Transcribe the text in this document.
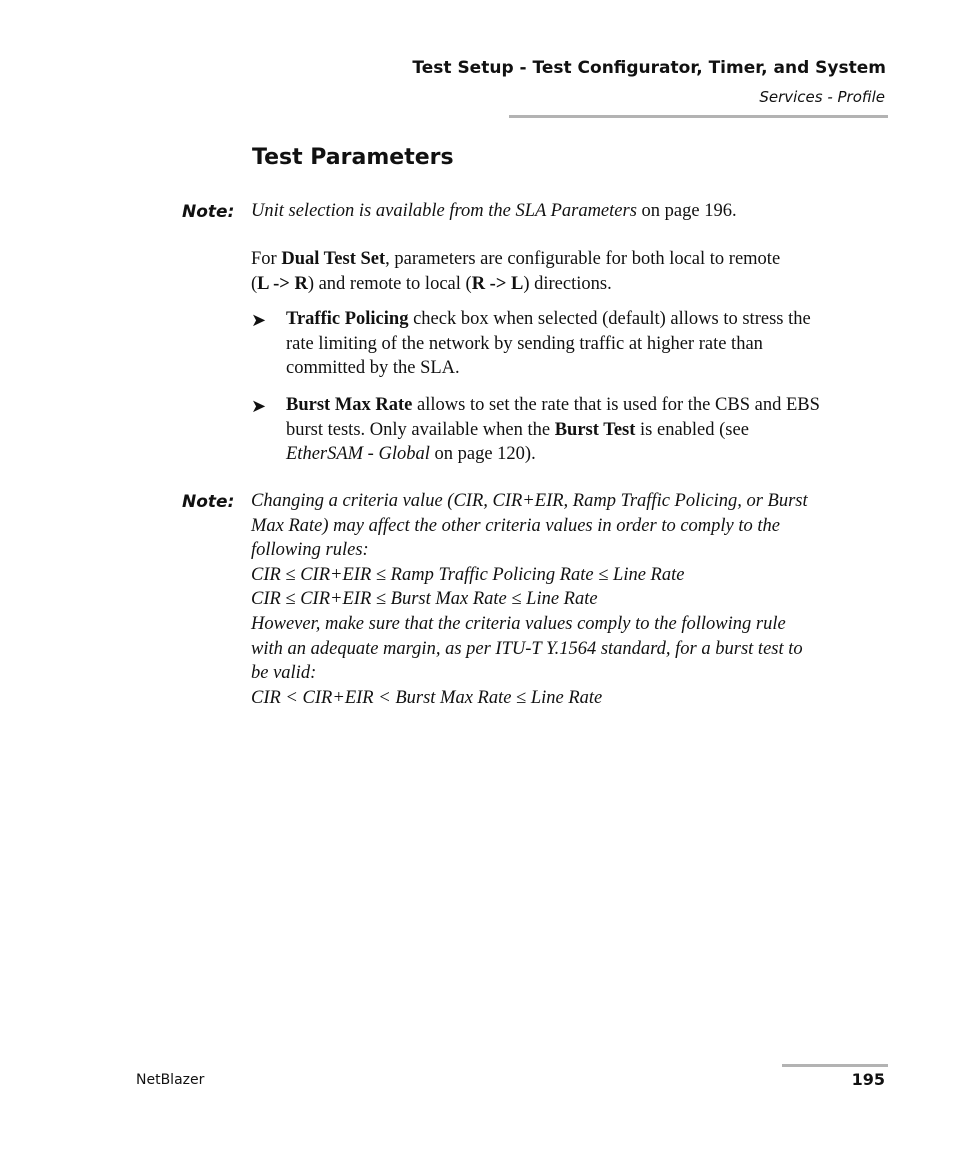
Test Setup - Test Configurator, Timer, and System
Services - Profile
Test Parameters
Note: Unit selection is available from the SLA Parameters on page 196.
For Dual Test Set, parameters are configurable for both local to remote
(L -> R) and remote to local (R -> L) directions.
➤ Traffic Policing check box when selected (default) allows to stress the
rate limiting of the network by sending traffic at higher rate than
committed by the SLA.
➤ Burst Max Rate allows to set the rate that is used for the CBS and EBS
burst tests. Only available when the Burst Test is enabled (see
EtherSAM - Global on page 120).
Note: Changing a criteria value (CIR, CIR+EIR, Ramp Traffic Policing, or Burst
Max Rate) may affect the other criteria values in order to comply to the
following rules:
CIR ≤ CIR+EIR ≤ Ramp Traffic Policing Rate ≤ Line Rate
CIR ≤ CIR+EIR ≤ Burst Max Rate ≤ Line Rate
However, make sure that the criteria values comply to the following rule
with an adequate margin, as per ITU-T Y.1564 standard, for a burst test to
be valid:
CIR < CIR+EIR < Burst Max Rate ≤ Line Rate
NetBlazer	195
